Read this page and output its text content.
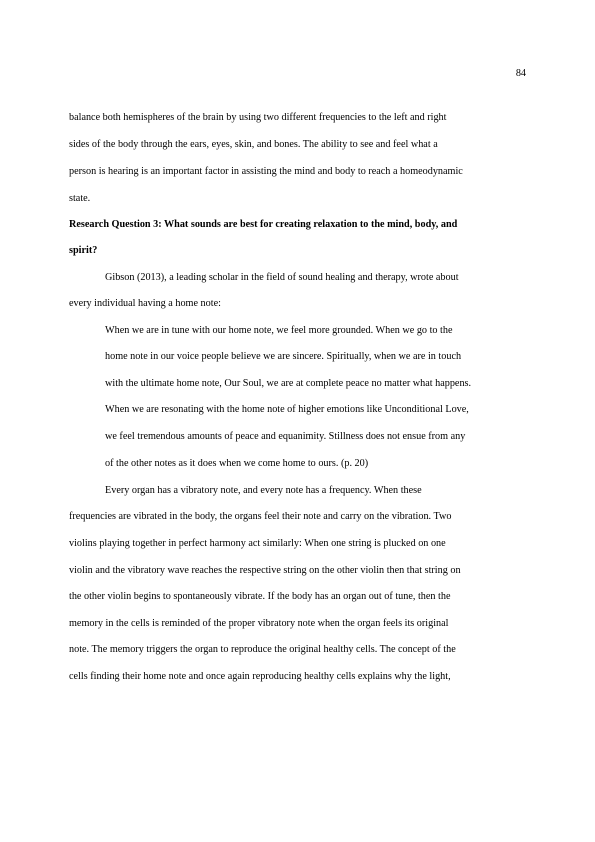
84
balance both hemispheres of the brain by using two different frequencies to the left and right
sides of the body through the ears, eyes, skin, and bones. The ability to see and feel what a
person is hearing is an important factor in assisting the mind and body to reach a homeodynamic
state.
Research Question 3: What sounds are best for creating relaxation to the mind, body, and
spirit?
Gibson (2013), a leading scholar in the field of sound healing and therapy, wrote about
every individual having a home note:
When we are in tune with our home note, we feel more grounded. When we go to the
home note in our voice people believe we are sincere. Spiritually, when we are in touch
with the ultimate home note, Our Soul, we are at complete peace no matter what happens.
When we are resonating with the home note of higher emotions like Unconditional Love,
we feel tremendous amounts of peace and equanimity. Stillness does not ensue from any
of the other notes as it does when we come home to ours. (p. 20)
Every organ has a vibratory note, and every note has a frequency. When these
frequencies are vibrated in the body, the organs feel their note and carry on the vibration. Two
violins playing together in perfect harmony act similarly: When one string is plucked on one
violin and the vibratory wave reaches the respective string on the other violin then that string on
the other violin begins to spontaneously vibrate. If the body has an organ out of tune, then the
memory in the cells is reminded of the proper vibratory note when the organ feels its original
note. The memory triggers the organ to reproduce the original healthy cells. The concept of the
cells finding their home note and once again reproducing healthy cells explains why the light,
